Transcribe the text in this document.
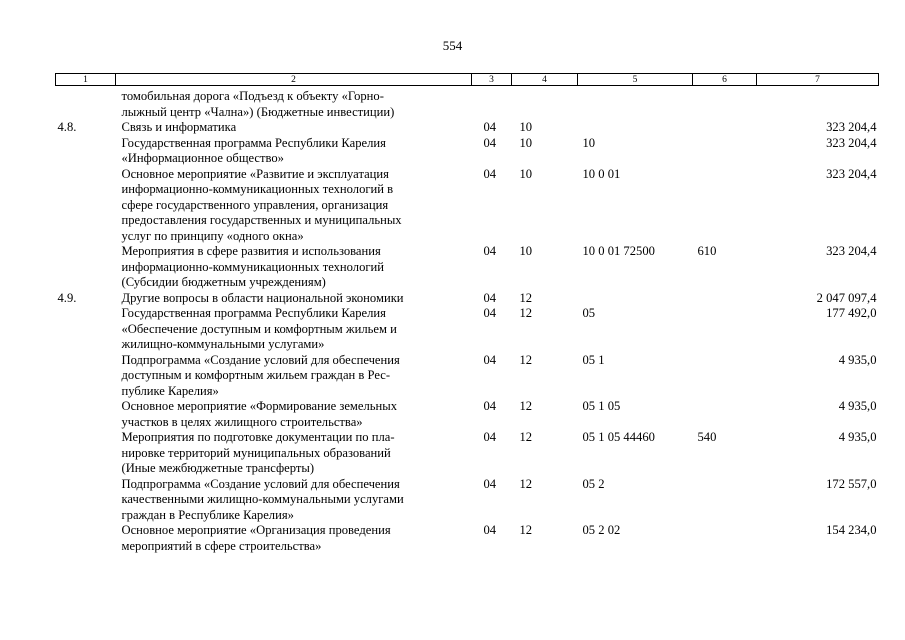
554
1	2	3	4	5	6	7
	томобильная дорога «Подъезд к объекту «Горно-
лыжный центр «Чална») (Бюджетные инвестиции)					
4.8.	Связь и информатика	04	10			323 204,4
	Государственная программа Республики Карелия
«Информационное общество»	04	10	10		323 204,4
	Основное мероприятие «Развитие и эксплуатация
информационно-коммуникационных технологий в
сфере государственного управления, организация
предоставления государственных и муниципальных
услуг по принципу «одного окна»	04	10	10 0 01		323 204,4
	Мероприятия в сфере развития и использования
информационно-коммуникационных технологий
(Субсидии бюджетным учреждениям)	04	10	10 0 01 72500	610	323 204,4
4.9.	Другие вопросы в области национальной экономики	04	12			2 047 097,4
	Государственная программа Республики Карелия
«Обеспечение доступным и комфортным жильем и
жилищно-коммунальными услугами»	04	12	05		177 492,0
	Подпрограмма «Создание условий для обеспечения
доступным и комфортным жильем граждан в Рес-
публике Карелия»	04	12	05 1		4 935,0
	Основное мероприятие «Формирование земельных
участков в целях жилищного строительства»	04	12	05 1 05		4 935,0
	Мероприятия по подготовке документации по пла-
нировке территорий муниципальных образований
(Иные межбюджетные трансферты)	04	12	05 1 05 44460	540	4 935,0
	Подпрограмма «Создание условий для обеспечения
качественными жилищно-коммунальными услугами
граждан в Республике Карелия»	04	12	05 2		172 557,0
	Основное мероприятие «Организация проведения
мероприятий в сфере строительства»	04	12	05 2 02		154 234,0
